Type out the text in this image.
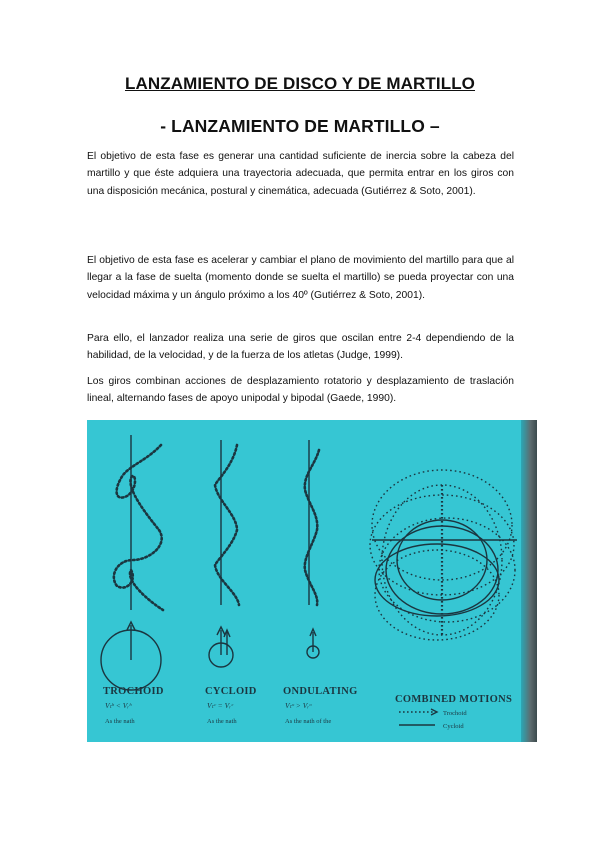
LANZAMIENTO DE DISCO Y DE MARTILLO
- LANZAMIENTO DE MARTILLO –

El objetivo de esta fase es generar una cantidad suficiente de inercia sobre la cabeza del martillo y que éste adquiera una trayectoria adecuada, que permita entrar en los giros con una disposición mecánica, postural y cinemática, adecuada (Gutiérrez & Soto, 2001).

El objetivo de esta fase es acelerar y cambiar el plano de movimiento del martillo para que al llegar a la fase de suelta (momento donde se suelta el martillo) se pueda proyectar con una velocidad máxima y un ángulo próximo a los 40º (Gutiérrez & Soto, 2001).

Para ello, el lanzador realiza una serie de giros que oscilan entre 2-4 dependiendo de la habilidad, de la velocidad, y de la fuerza de los atletas (Judge, 1999).

Los giros combinan acciones de desplazamiento rotatorio y desplazamiento de traslación lineal, alternando fases de apoyo unipodal y bipodal (Gaede, 1990).

TROCHOID
Vₜʰ < Vᵣʰ
As the nath
CYCLOID
Vₜᶜ = Vᵣᶜ
As the nath
ONDULATING
Vₜᵒ > Vᵣᵒ
As the nath of the
COMBINED MOTIONS
Trochoid
Cycloid
